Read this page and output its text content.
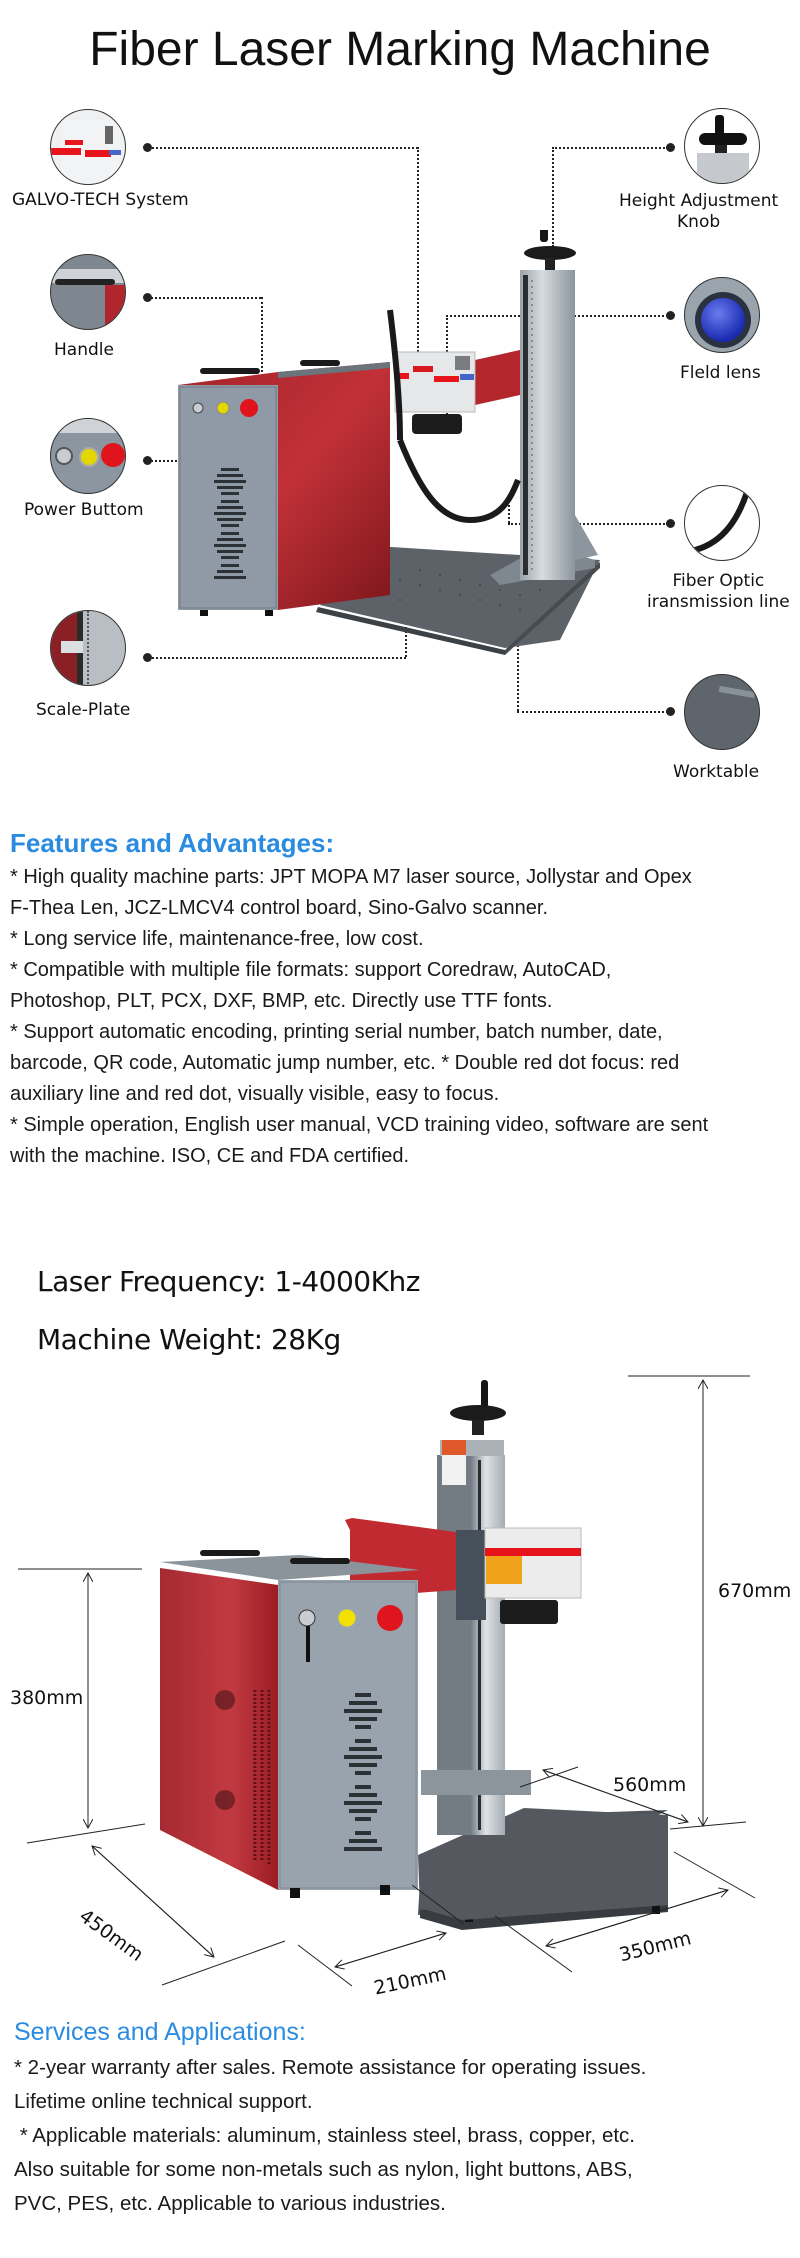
Fiber Laser Marking Machine
GALVO-TECH System
Handle
Power Buttom
Scale-Plate
Height Adjustment
Knob
Fleld lens
Fiber Optic
iransmission line
Worktable
Features and Advantages:

* High quality machine parts: JPT MOPA M7 laser source, Jollystar and Opex

F-Thea Len, JCZ-LMCV4 control board, Sino-Galvo scanner.

* Long service life, maintenance-free, low cost.

* Compatible with multiple file formats: support Coredraw, AutoCAD,

Photoshop, PLT, PCX, DXF, BMP, etc. Directly use TTF fonts.

* Support automatic encoding, printing serial number, batch number, date,

barcode, QR code, Automatic jump number, etc. * Double red dot focus: red

auxiliary line and red dot, visually visible, easy to focus.

* Simple operation, English user manual, VCD training video, software are sent

with the machine. ISO, CE and FDA certified.

Laser Frequency: 1-4000Khz
Machine Weight: 28Kg
380mm
450mm
210mm
560mm
350mm
670mm
Services and Applications:

* 2-year warranty after sales. Remote assistance for operating issues.

Lifetime online technical support.

* Applicable materials: aluminum, stainless steel, brass, copper, etc.

Also suitable for some non-metals such as nylon, light buttons, ABS,

PVC, PES, etc. Applicable to various industries.
